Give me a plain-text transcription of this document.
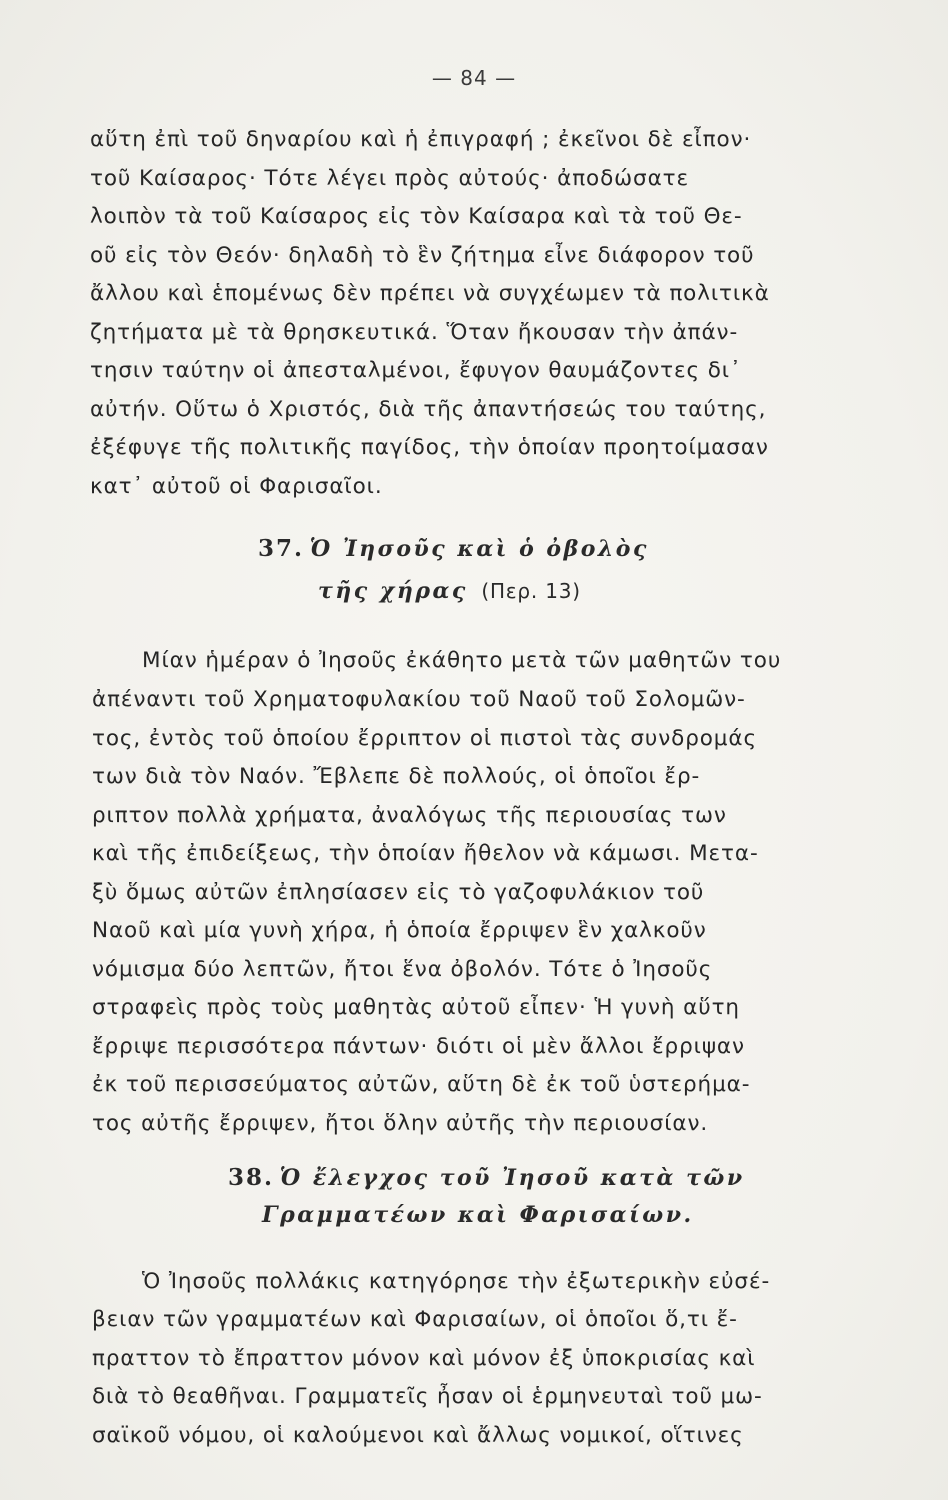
— 84 —
αὕτη ἐπὶ τοῦ δηναρίου καὶ ἡ ἐπιγραφή ; ἐκεῖνοι δὲ εἶπον·
τοῦ Καίσαρος· Τότε λέγει πρὸς αὐτούς· ἀποδώσατε
λοιπὸν τὰ τοῦ Καίσαρος εἰς τὸν Καίσαρα καὶ τὰ τοῦ Θε-
οῦ εἰς τὸν Θεόν· δηλαδὴ τὸ ἓν ζήτημα εἶνε διάφορον τοῦ
ἄλλου καὶ ἑπομένως δὲν πρέπει νὰ συγχέωμεν τὰ πολιτικὰ
ζητήματα μὲ τὰ θρησκευτικά. Ὅταν ἤκουσαν τὴν ἀπάν-
τησιν ταύτην οἱ ἀπεσταλμένοι, ἔφυγον θαυμάζοντες δι᾽
αὐτήν. Οὕτω ὁ Χριστός, διὰ τῆς ἀπαντήσεώς του ταύτης,
ἐξέφυγε τῆς πολιτικῆς παγίδος, τὴν ὁποίαν προητοίμασαν
κατ᾽ αὐτοῦ οἱ Φαρισαῖοι.
37. Ὁ Ἰησοῦς καὶ ὁ ὀβολὸς
τῆς χήρας (Περ. 13)
Μίαν ἡμέραν ὁ Ἰησοῦς ἐκάθητο μετὰ τῶν μαθητῶν του
ἀπέναντι τοῦ Χρηματοφυλακίου τοῦ Ναοῦ τοῦ Σολομῶν-
τος, ἐντὸς τοῦ ὁποίου ἔρριπτον οἱ πιστοὶ τὰς συνδρομάς
των διὰ τὸν Ναόν. Ἔβλεπε δὲ πολλούς, οἱ ὁποῖοι ἔρ-
ριπτον πολλὰ χρήματα, ἀναλόγως τῆς περιουσίας των
καὶ τῆς ἐπιδείξεως, τὴν ὁποίαν ἤθελον νὰ κάμωσι. Μετα-
ξὺ ὅμως αὐτῶν ἐπλησίασεν εἰς τὸ γαζοφυλάκιον τοῦ
Ναοῦ καὶ μία γυνὴ χήρα, ἡ ὁποία ἔρριψεν ἓν χαλκοῦν
νόμισμα δύο λεπτῶν, ἤτοι ἕνα ὀβολόν. Τότε ὁ Ἰησοῦς
στραφεὶς πρὸς τοὺς μαθητὰς αὐτοῦ εἶπεν· Ἡ γυνὴ αὕτη
ἔρριψε περισσότερα πάντων· διότι οἱ μὲν ἄλλοι ἔρριψαν
ἐκ τοῦ περισσεύματος αὐτῶν, αὕτη δὲ ἐκ τοῦ ὑστερήμα-
τος αὐτῆς ἔρριψεν, ἤτοι ὅλην αὐτῆς τὴν περιουσίαν.
38. Ὁ ἔλεγχος τοῦ Ἰησοῦ κατὰ τῶν
Γραμματέων καὶ Φαρισαίων.
Ὁ Ἰησοῦς πολλάκις κατηγόρησε τὴν ἐξωτερικὴν εὐσέ-
βειαν τῶν γραμματέων καὶ Φαρισαίων, οἱ ὁποῖοι ὅ,τι ἔ-
πραττον τὸ ἔπραττον μόνον καὶ μόνον ἐξ ὑποκρισίας καὶ
διὰ τὸ θεαθῆναι. Γραμματεῖς ἦσαν οἱ ἑρμηνευταὶ τοῦ μω-
σαϊκοῦ νόμου, οἱ καλούμενοι καὶ ἄλλως νομικοί, οἵτινες
